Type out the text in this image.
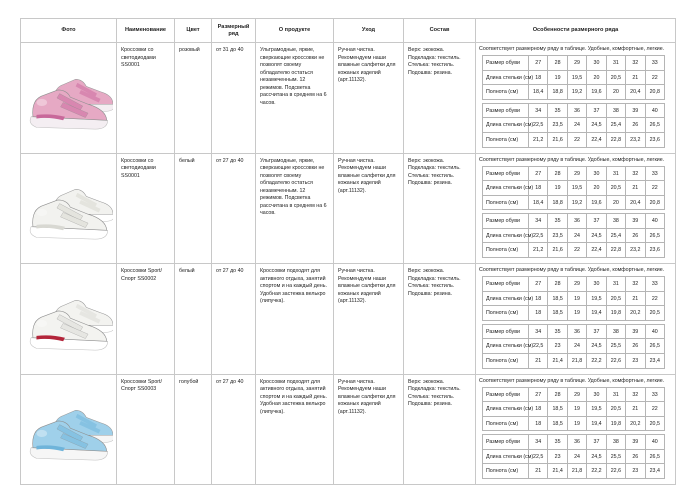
Фото	Наименование	Цвет	Размерный ряд	О продукте	Уход	Состав	Особенности размерного ряда

	Кроссовки со светодиодами SS0001	розовый	от 31 до 40	Ультрамодные, яркие, сверкающие кроссовки не позволят своему обладателю остаться незамеченным. 12 режимов. Подсветка рассчитана в среднем на 6 часов.	Ручная чистка. Рекомендуем наши влажные салфетки для кожаных изделий (арт.11132).	Верх: экокожа. Подкладка: текстиль. Стелька: текстиль. Подошва: резина.	
Соответствует размерному ряду в таблице. Удобные, комфортные, легкие.
Размер обуви	27	28	29	30	31	32	33
Длина стельки (см)	18	19	19,5	20	20,5	21	22
Полнота (см)	18,4	18,8	19,2	19,6	20	20,4	20,8
Размер обуви	34	35	36	37	38	39	40
Длина стельки (см)	22,5	23,5	24	24,5	25,4	26	26,5
Полнота (см)	21,2	21,6	22	22,4	22,8	23,2	23,6

	Кроссовки со светодиодами SS0001	белый	от 27 до 40	Ультрамодные, яркие, сверкающие кроссовки не позволят своему обладателю остаться незамеченным. 12 режимов. Подсветка рассчитана в среднем на 6 часов.	Ручная чистка. Рекомендуем наши влажные салфетки для кожаных изделий (арт.11132).	Верх: экокожа. Подкладка: текстиль. Стелька: текстиль. Подошва: резина.	
Соответствует размерному ряду в таблице. Удобные, комфортные, легкие.
Размер обуви	27	28	29	30	31	32	33
Длина стельки (см)	18	19	19,5	20	20,5	21	22
Полнота (см)	18,4	18,8	19,2	19,6	20	20,4	20,8
Размер обуви	34	35	36	37	38	39	40
Длина стельки (см)	22,5	23,5	24	24,5	25,4	26	26,5
Полнота (см)	21,2	21,6	22	22,4	22,8	23,2	23,6

	Кроссовки Sport/ Спорт SS0002	белый	от 27 до 40	Кроссовки подходят для активного отдыха, занятий спортом и на каждый день. Удобная застежка велькро (липучка).	Ручная чистка. Рекомендуем наши влажные салфетки для кожаных изделий (арт.11132).	Верх: экокожа. Подкладка: текстиль. Стелька: текстиль. Подошва: резина.	
Соответствует размерному ряду в таблице. Удобные, комфортные, легкие.
Размер обуви	27	28	29	30	31	32	33
Длина стельки (см)	18	18,5	19	19,5	20,5	21	22
Полнота (см)	18	18,5	19	19,4	19,8	20,2	20,5
Размер обуви	34	35	36	37	38	39	40
Длина стельки (см)	22,5	23	24	24,5	25,5	26	26,5
Полнота (см)	21	21,4	21,8	22,2	22,6	23	23,4

	Кроссовки Sport/ Спорт SS0003	голубой	от 27 до 40	Кроссовки подходят для активного отдыха, занятий спортом и на каждый день. Удобная застежка велькро (липучка).	Ручная чистка. Рекомендуем наши влажные салфетки для кожаных изделий (арт.11132).	Верх: экокожа. Подкладка: текстиль. Стелька: текстиль. Подошва: резина.	
Соответствует размерному ряду в таблице. Удобные, комфортные, легкие.
Размер обуви	27	28	29	30	31	32	33
Длина стельки (см)	18	18,5	19	19,5	20,5	21	22
Полнота (см)	18	18,5	19	19,4	19,8	20,2	20,5
Размер обуви	34	35	36	37	38	39	40
Длина стельки (см)	22,5	23	24	24,5	25,5	26	26,5
Полнота (см)	21	21,4	21,8	22,2	22,6	23	23,4
